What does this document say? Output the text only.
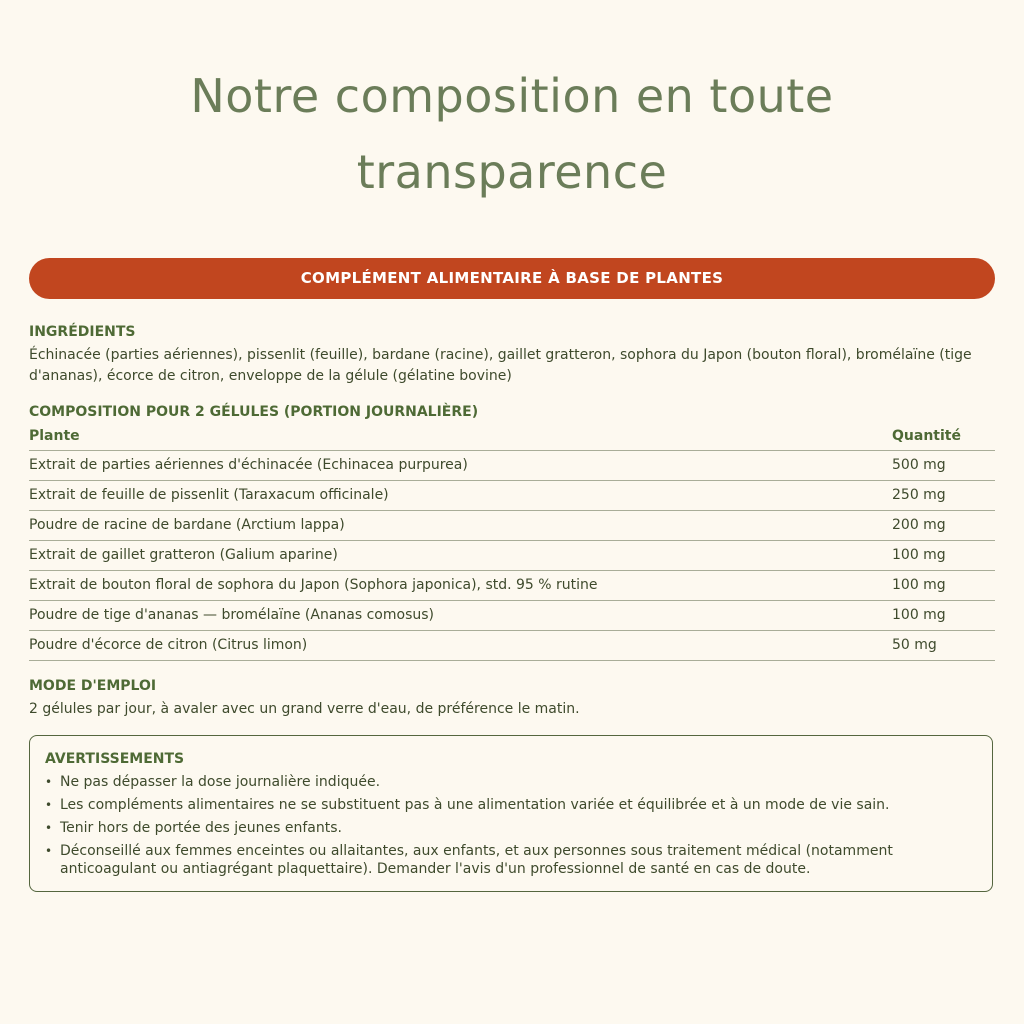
Notre composition en toute
transparence
COMPLÉMENT ALIMENTAIRE À BASE DE PLANTES
INGRÉDIENTS

Échinacée (parties aériennes), pissenlit (feuille), bardane (racine), gaillet gratteron, sophora du Japon (bouton floral), bromélaïne (tige d'ananas), écorce de citron, enveloppe de la gélule (gélatine bovine)

COMPOSITION POUR 2 GÉLULES (PORTION JOURNALIÈRE)
Plante	Quantité
Extrait de parties aériennes d'échinacée (Echinacea purpurea)	500 mg
Extrait de feuille de pissenlit (Taraxacum officinale)	250 mg
Poudre de racine de bardane (Arctium lappa)	200 mg
Extrait de gaillet gratteron (Galium aparine)	100 mg
Extrait de bouton floral de sophora du Japon (Sophora japonica), std. 95 % rutine	100 mg
Poudre de tige d'ananas — bromélaïne (Ananas comosus)	100 mg
Poudre d'écorce de citron (Citrus limon)	50 mg
MODE D'EMPLOI

2 gélules par jour, à avaler avec un grand verre d'eau, de préférence le matin.

AVERTISSEMENTS
• Ne pas dépasser la dose journalière indiquée.
• Les compléments alimentaires ne se substituent pas à une alimentation variée et équilibrée et à un mode de vie sain.
• Tenir hors de portée des jeunes enfants.
• Déconseillé aux femmes enceintes ou allaitantes, aux enfants, et aux personnes sous traitement médical (notamment anticoagulant ou antiagrégant plaquettaire). Demander l'avis d'un professionnel de santé en cas de doute.
